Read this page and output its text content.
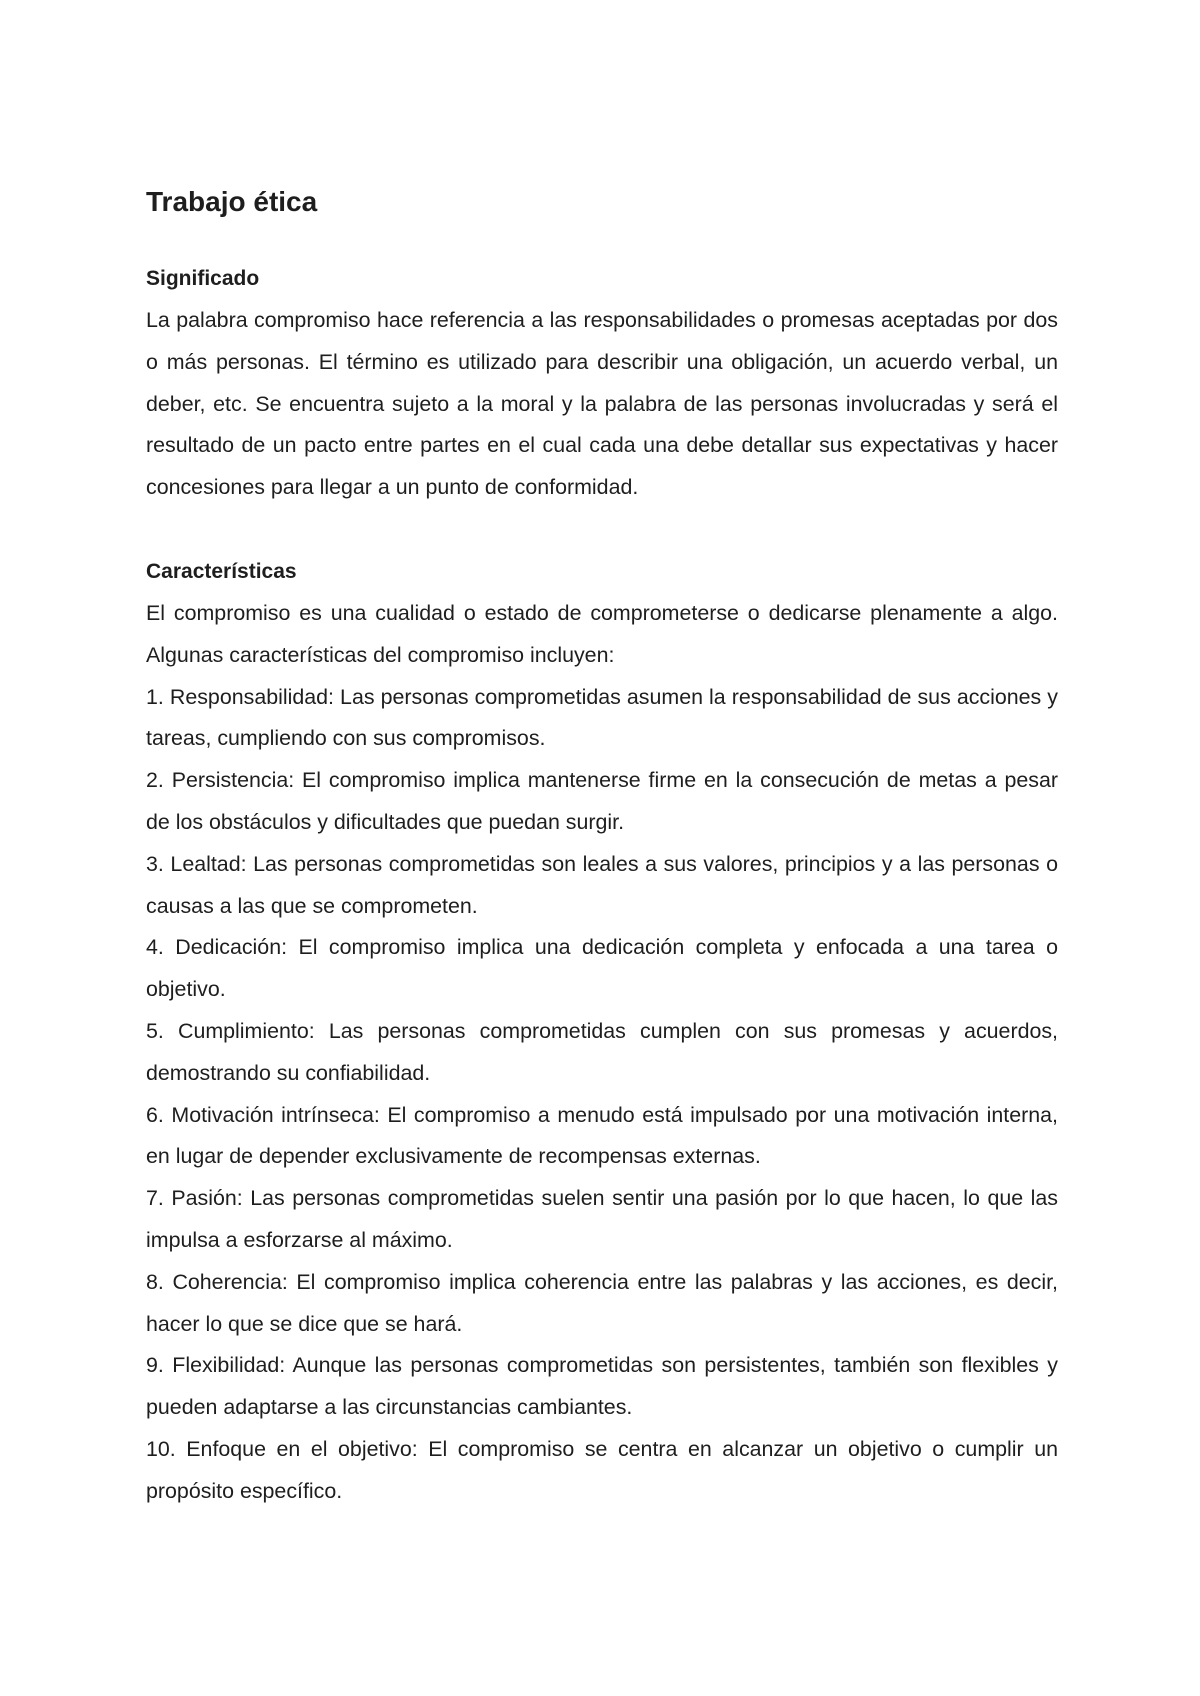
Trabajo ética
Significado

La palabra compromiso hace referencia a las responsabilidades o promesas aceptadas por dos o más personas. El término es utilizado para describir una obligación, un acuerdo verbal, un deber, etc. Se encuentra sujeto a la moral y la palabra de las personas involucradas y será el resultado de un pacto entre partes en el cual cada una debe detallar sus expectativas y hacer concesiones para llegar a un punto de conformidad.

Características

El compromiso es una cualidad o estado de comprometerse o dedicarse plenamente a algo. Algunas características del compromiso incluyen:

1. Responsabilidad: Las personas comprometidas asumen la responsabilidad de sus acciones y tareas, cumpliendo con sus compromisos.
2. Persistencia: El compromiso implica mantenerse firme en la consecución de metas a pesar de los obstáculos y dificultades que puedan surgir.
3. Lealtad: Las personas comprometidas son leales a sus valores, principios y a las personas o causas a las que se comprometen.
4. Dedicación: El compromiso implica una dedicación completa y enfocada a una tarea o objetivo.
5. Cumplimiento: Las personas comprometidas cumplen con sus promesas y acuerdos, demostrando su confiabilidad.
6. Motivación intrínseca: El compromiso a menudo está impulsado por una motivación interna, en lugar de depender exclusivamente de recompensas externas.
7. Pasión: Las personas comprometidas suelen sentir una pasión por lo que hacen, lo que las impulsa a esforzarse al máximo.
8. Coherencia: El compromiso implica coherencia entre las palabras y las acciones, es decir, hacer lo que se dice que se hará.
9. Flexibilidad: Aunque las personas comprometidas son persistentes, también son flexibles y pueden adaptarse a las circunstancias cambiantes.
10. Enfoque en el objetivo: El compromiso se centra en alcanzar un objetivo o cumplir un propósito específico.
